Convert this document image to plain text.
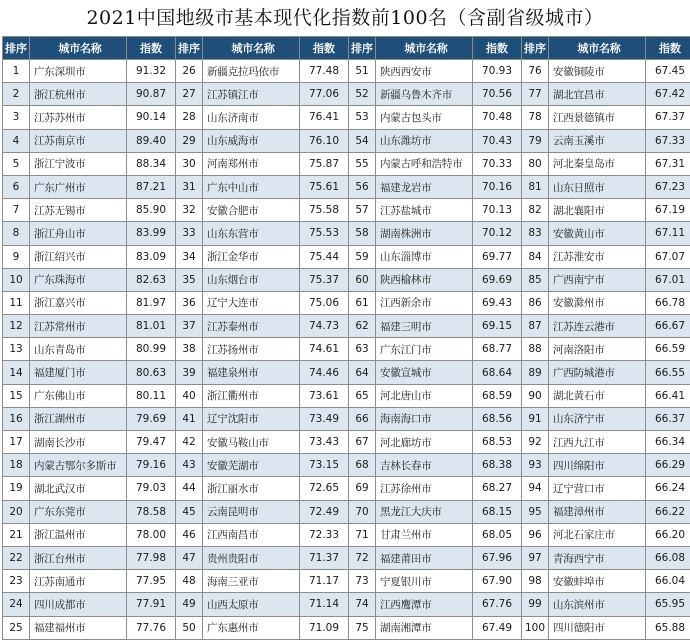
2021中国地级市基本现代化指数前100名（含副省级城市）
排序	城市名称	指数
1	广东深圳市	91.32
2	浙江杭州市	90.87
3	江苏苏州市	90.14
4	江苏南京市	89.40
5	浙江宁波市	88.34
6	广东广州市	87.21
7	江苏无锡市	85.90
8	浙江舟山市	83.99
9	浙江绍兴市	83.09
10	广东珠海市	82.63
11	浙江嘉兴市	81.97
12	江苏常州市	81.01
13	山东青岛市	80.99
14	福建厦门市	80.63
15	广东佛山市	80.11
16	浙江湖州市	79.69
17	湖南长沙市	79.47
18	内蒙古鄂尔多斯市	79.16
19	湖北武汉市	79.03
20	广东东莞市	78.58
21	浙江温州市	78.00
22	浙江台州市	77.98
23	江苏南通市	77.95
24	四川成都市	77.91
25	福建福州市	77.76
排序	城市名称	指数
26	新疆克拉玛依市	77.48
27	江苏镇江市	77.06
28	山东济南市	76.41
29	山东威海市	76.10
30	河南郑州市	75.87
31	广东中山市	75.61
32	安徽合肥市	75.58
33	山东东营市	75.53
34	浙江金华市	75.44
35	山东烟台市	75.37
36	辽宁大连市	75.06
37	江苏泰州市	74.73
38	江苏扬州市	74.61
39	福建泉州市	74.46
40	浙江衢州市	73.61
41	辽宁沈阳市	73.49
42	安徽马鞍山市	73.43
43	安徽芜湖市	73.15
44	浙江丽水市	72.65
45	云南昆明市	72.49
46	江西南昌市	72.33
47	贵州贵阳市	71.37
48	海南三亚市	71.17
49	山西太原市	71.14
50	广东惠州市	71.09
排序	城市名称	指数
51	陕西西安市	70.93
52	新疆乌鲁木齐市	70.56
53	内蒙古包头市	70.48
54	山东潍坊市	70.43
55	内蒙古呼和浩特市	70.33
56	福建龙岩市	70.16
57	江苏盐城市	70.13
58	湖南株洲市	70.12
59	山东淄博市	69.77
60	陕西榆林市	69.69
61	江西新余市	69.43
62	福建三明市	69.15
63	广东江门市	68.77
64	安徽宣城市	68.64
65	河北唐山市	68.59
66	海南海口市	68.56
67	河北廊坊市	68.53
68	吉林长春市	68.38
69	江苏徐州市	68.27
70	黑龙江大庆市	68.15
71	甘肃兰州市	68.05
72	福建莆田市	67.96
73	宁夏银川市	67.90
74	江西鹰潭市	67.76
75	湖南湘潭市	67.49
排序	城市名称	指数
76	安徽铜陵市	67.45
77	湖北宜昌市	67.42
78	江西景德镇市	67.37
79	云南玉溪市	67.33
80	河北秦皇岛市	67.31
81	山东日照市	67.23
82	湖北襄阳市	67.19
83	安徽黄山市	67.11
84	江苏淮安市	67.07
85	广西南宁市	67.01
86	安徽滁州市	66.78
87	江苏连云港市	66.67
88	河南洛阳市	66.59
89	广西防城港市	66.55
90	湖北黄石市	66.41
91	山东济宁市	66.37
92	江西九江市	66.34
93	四川绵阳市	66.29
94	辽宁营口市	66.24
95	福建漳州市	66.22
96	河北石家庄市	66.20
97	青海西宁市	66.08
98	安徽蚌埠市	66.04
99	山东滨州市	65.95
100	四川德阳市	65.88
